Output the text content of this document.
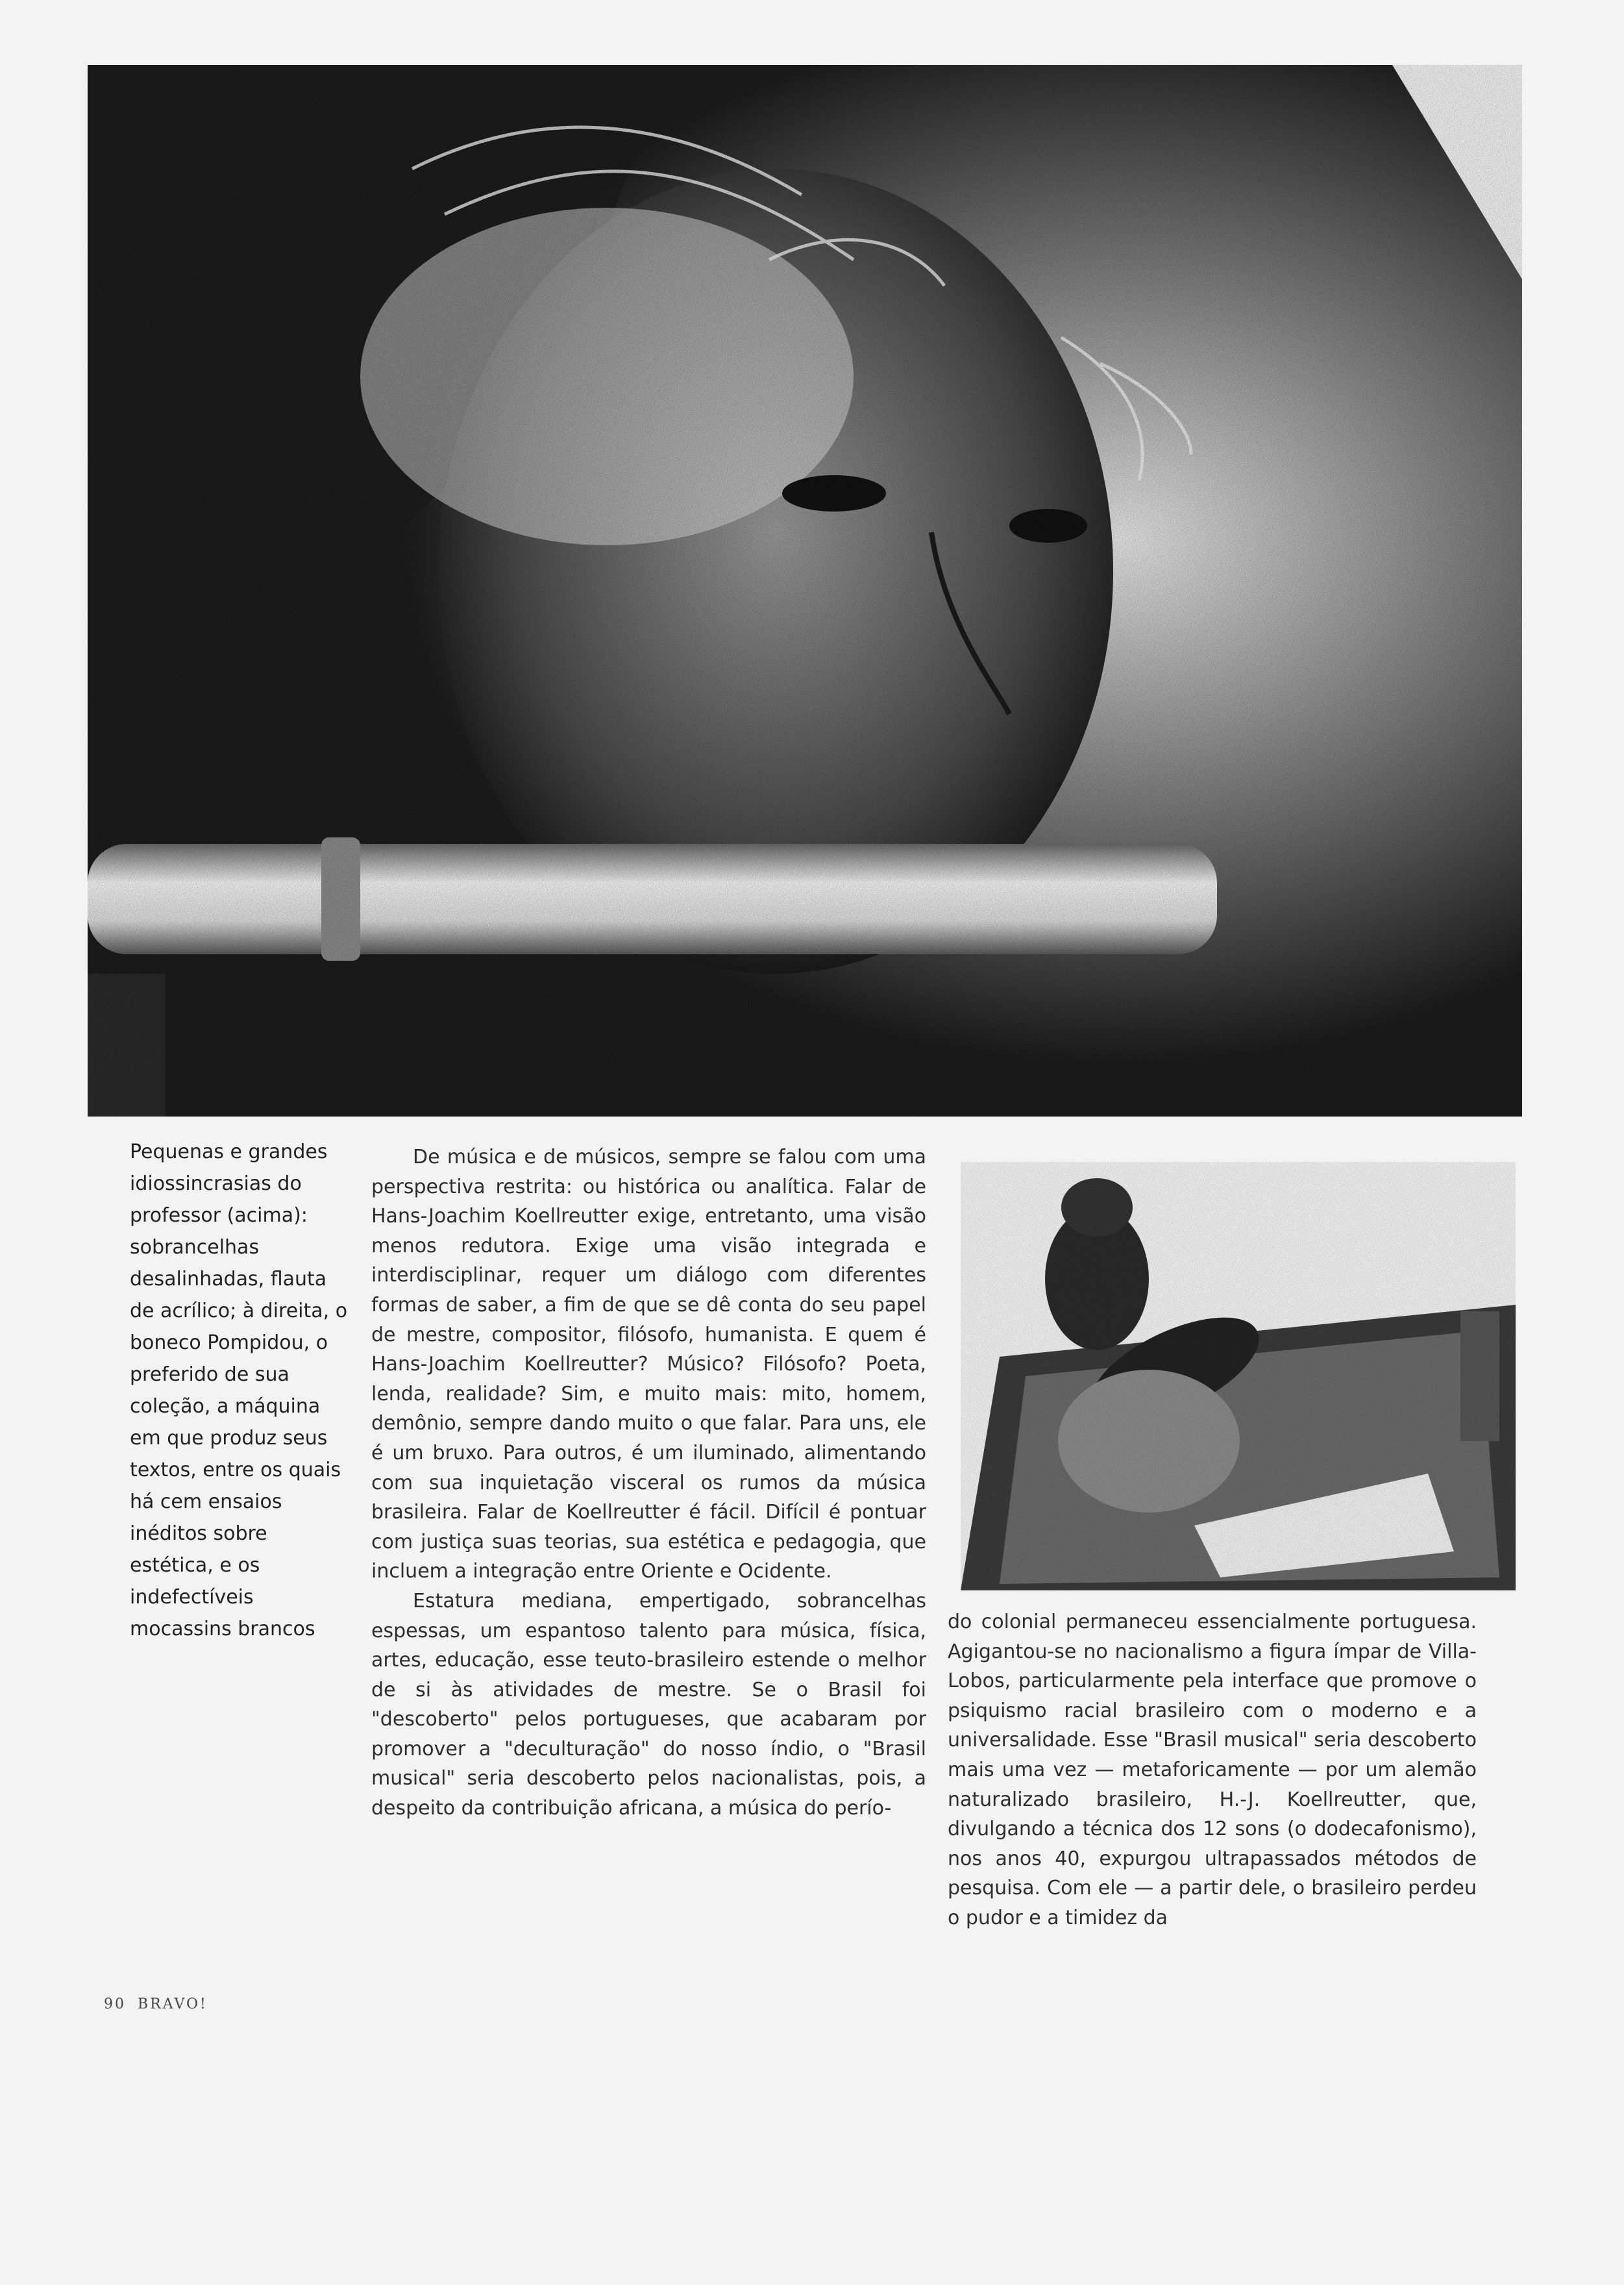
Pequenas e grandes idiossincrasias do professor (acima): sobrancelhas desalinhadas, flauta de acrílico; à direita, o boneco Pompidou, o preferido de sua coleção, a máquina em que produz seus textos, entre os quais há cem ensaios inéditos sobre estética, e os indefectíveis mocassins brancos

De música e de músicos, sempre se falou com uma perspectiva restrita: ou histórica ou analítica. Falar de Hans-Joachim Koellreutter exige, entretanto, uma visão menos redutora. Exige uma visão integrada e interdisciplinar, requer um diálogo com diferentes formas de saber, a fim de que se dê conta do seu papel de mestre, compositor, filósofo, humanista. E quem é Hans-Joachim Koellreutter? Músico? Filósofo? Poeta, lenda, realidade? Sim, e muito mais: mito, homem, demônio, sempre dando muito o que falar. Para uns, ele é um bruxo. Para outros, é um iluminado, alimentando com sua inquietação visceral os rumos da música brasileira. Falar de Koellreutter é fácil. Difícil é pontuar com justiça suas teorias, sua estética e pedagogia, que incluem a integração entre Oriente e Ocidente.

Estatura mediana, empertigado, sobrancelhas espessas, um espantoso talento para música, física, artes, educação, esse teuto-brasileiro estende o melhor de si às atividades de mestre. Se o Brasil foi "descoberto" pelos portugueses, que acabaram por promover a "deculturação" do nosso índio, o "Brasil musical" seria descoberto pelos nacionalistas, pois, a despeito da contribuição africana, a música do perío-

do colonial permaneceu essencialmente portuguesa. Agigantou-se no nacionalismo a figura ímpar de Villa-Lobos, particularmente pela interface que promove o psiquismo racial brasileiro com o moderno e a universalidade. Esse "Brasil musical" seria descoberto mais uma vez — metaforicamente — por um alemão naturalizado brasileiro, H.-J. Koellreutter, que, divulgando a técnica dos 12 sons (o dodecafonismo), nos anos 40, expurgou ultrapassados métodos de pesquisa. Com ele — a partir dele, o brasileiro perdeu o pudor e a timidez da

90 BRAVO!
